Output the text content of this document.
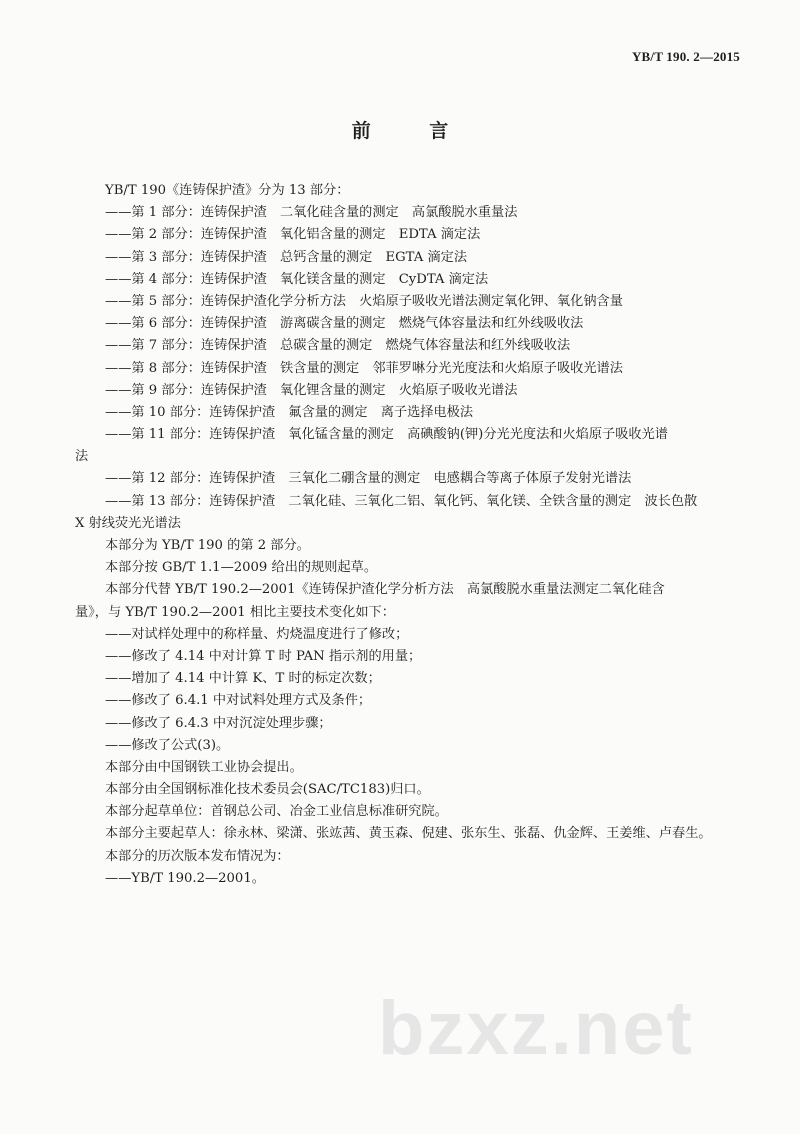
YB/T 190. 2—2015
前 言
YB/T 190《连铸保护渣》分为 13 部分：
——第 1 部分：连铸保护渣　二氧化硅含量的测定　高氯酸脱水重量法
——第 2 部分：连铸保护渣　氧化铝含量的测定　EDTA 滴定法
——第 3 部分：连铸保护渣　总钙含量的测定　EGTA 滴定法
——第 4 部分：连铸保护渣　氧化镁含量的测定　CyDTA 滴定法
——第 5 部分：连铸保护渣化学分析方法　火焰原子吸收光谱法测定氧化钾、氧化钠含量
——第 6 部分：连铸保护渣　游离碳含量的测定　燃烧气体容量法和红外线吸收法
——第 7 部分：连铸保护渣　总碳含量的测定　燃烧气体容量法和红外线吸收法
——第 8 部分：连铸保护渣　铁含量的测定　邻菲罗啉分光光度法和火焰原子吸收光谱法
——第 9 部分：连铸保护渣　氧化锂含量的测定　火焰原子吸收光谱法
——第 10 部分：连铸保护渣　氟含量的测定　离子选择电极法
——第 11 部分：连铸保护渣　氧化锰含量的测定　高碘酸钠(钾)分光光度法和火焰原子吸收光谱
法
——第 12 部分：连铸保护渣　三氧化二硼含量的测定　电感耦合等离子体原子发射光谱法
——第 13 部分：连铸保护渣　二氧化硅、三氧化二铝、氧化钙、氧化镁、全铁含量的测定　波长色散
X 射线荧光光谱法
本部分为 YB/T 190 的第 2 部分。
本部分按 GB/T 1.1—2009 给出的规则起草。
本部分代替 YB/T 190.2—2001《连铸保护渣化学分析方法　高氯酸脱水重量法测定二氧化硅含
量》，与 YB/T 190.2—2001 相比主要技术变化如下：
——对试样处理中的称样量、灼烧温度进行了修改；
——修改了 4.14 中对计算 T 时 PAN 指示剂的用量；
——增加了 4.14 中计算 K、T 时的标定次数；
——修改了 6.4.1 中对试料处理方式及条件；
——修改了 6.4.3 中对沉淀处理步骤；
——修改了公式(3)。
本部分由中国钢铁工业协会提出。
本部分由全国钢标准化技术委员会(SAC/TC183)归口。
本部分起草单位：首钢总公司、冶金工业信息标准研究院。
本部分主要起草人：徐永林、梁潇、张竑茜、黄玉森、倪建、张东生、张磊、仇金辉、王姜维、卢春生。
本部分的历次版本发布情况为：
——YB/T 190.2—2001。
bzxz.net
